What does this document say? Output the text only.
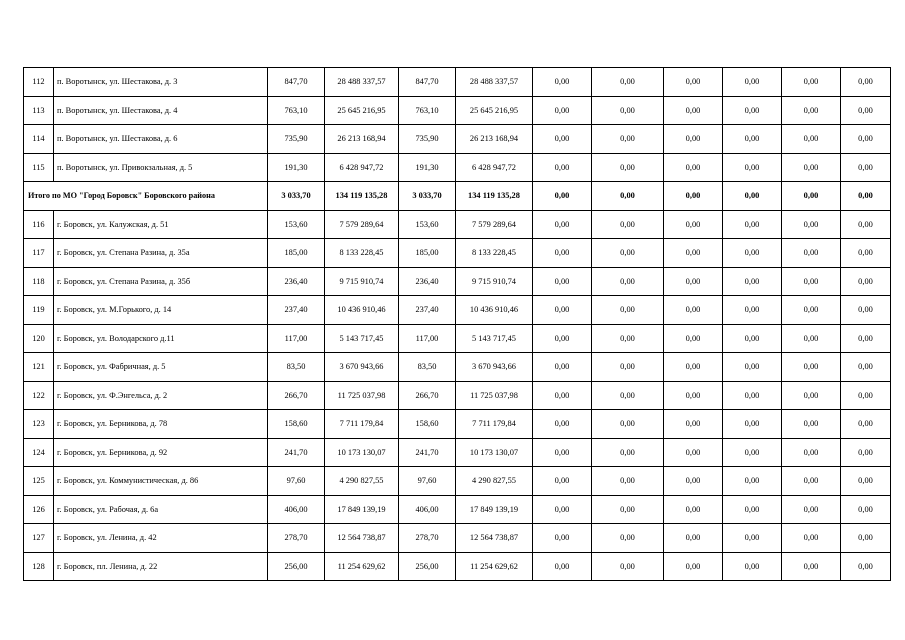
112	п. Воротынск, ул. Шестакова, д. 3	847,70	28 488 337,57	847,70	28 488 337,57	0,00	0,00	0,00	0,00	0,00	0,00
113	п. Воротынск, ул. Шестакова, д. 4	763,10	25 645 216,95	763,10	25 645 216,95	0,00	0,00	0,00	0,00	0,00	0,00
114	п. Воротынск, ул. Шестакова, д. 6	735,90	26 213 168,94	735,90	26 213 168,94	0,00	0,00	0,00	0,00	0,00	0,00
115	п. Воротынск, ул. Привокзальная, д. 5	191,30	6 428 947,72	191,30	6 428 947,72	0,00	0,00	0,00	0,00	0,00	0,00
Итого по МО "Город Боровск" Боровского района		3 033,70	134 119 135,28	3 033,70	134 119 135,28	0,00	0,00	0,00	0,00	0,00	0,00
116	г. Боровск, ул. Калужская, д. 51	153,60	7 579 289,64	153,60	7 579 289,64	0,00	0,00	0,00	0,00	0,00	0,00
117	г. Боровск, ул. Степана Разина, д. 35а	185,00	8 133 228,45	185,00	8 133 228,45	0,00	0,00	0,00	0,00	0,00	0,00
118	г. Боровск, ул. Степана Разина, д. 35б	236,40	9 715 910,74	236,40	9 715 910,74	0,00	0,00	0,00	0,00	0,00	0,00
119	г. Боровск, ул. М.Горького, д. 14	237,40	10 436 910,46	237,40	10 436 910,46	0,00	0,00	0,00	0,00	0,00	0,00
120	г. Боровск, ул. Володарского д.11	117,00	5 143 717,45	117,00	5 143 717,45	0,00	0,00	0,00	0,00	0,00	0,00
121	г. Боровск, ул. Фабричная, д. 5	83,50	3 670 943,66	83,50	3 670 943,66	0,00	0,00	0,00	0,00	0,00	0,00
122	г. Боровск, ул. Ф.Энгельса, д. 2	266,70	11 725 037,98	266,70	11 725 037,98	0,00	0,00	0,00	0,00	0,00	0,00
123	г. Боровск, ул. Берникова, д. 78	158,60	7 711 179,84	158,60	7 711 179,84	0,00	0,00	0,00	0,00	0,00	0,00
124	г. Боровск, ул. Берникова, д. 92	241,70	10 173 130,07	241,70	10 173 130,07	0,00	0,00	0,00	0,00	0,00	0,00
125	г. Боровск, ул. Коммунистическая, д. 86	97,60	4 290 827,55	97,60	4 290 827,55	0,00	0,00	0,00	0,00	0,00	0,00
126	г. Боровск, ул. Рабочая, д. 6а	406,00	17 849 139,19	406,00	17 849 139,19	0,00	0,00	0,00	0,00	0,00	0,00
127	г. Боровск, ул. Ленина, д. 42	278,70	12 564 738,87	278,70	12 564 738,87	0,00	0,00	0,00	0,00	0,00	0,00
128	г. Боровск, пл. Ленина, д. 22	256,00	11 254 629,62	256,00	11 254 629,62	0,00	0,00	0,00	0,00	0,00	0,00
